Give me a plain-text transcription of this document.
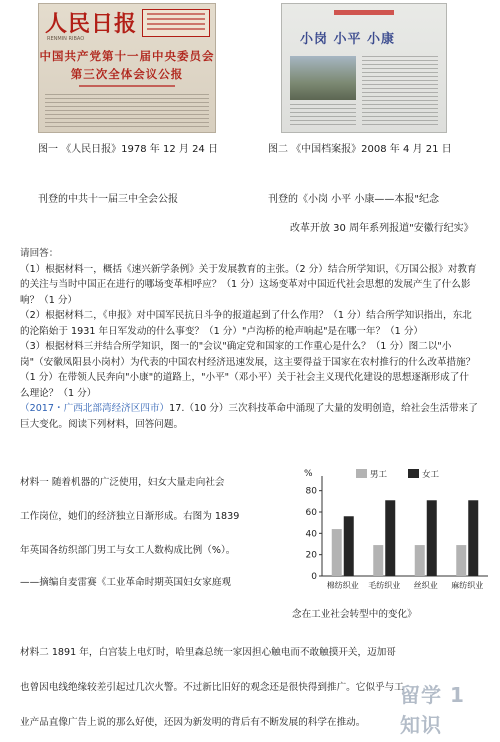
人民日报
RENMIN RIBAO
中国共产党第十一届中央委员会
第三次全体会议公报
小岗 小平 小康
图一 《人民日报》1978 年 12 月 24 日
刊登的中共十一届三中全会公报
图二 《中国档案报》2008 年 4 月 21 日
刊登的《小岗 小平 小康——本报"纪念
改革开放 30 周年系列报道"安徽行纪实》

请回答：

（1）根据材料一，概括《速兴新学条例》关于发展教育的主张。（2 分）结合所学知识，《万国公报》对教育的关注与当时中国正在进行的哪场变革相呼应？（1 分）这场变革对中国近代社会思想的发展产生了什么影响？（1 分）

（2）根据材料二，《申报》对中国军民抗日斗争的报道起到了什么作用？（1 分）结合所学知识指出，东北的沦陷始于 1931 年日军发动的什么事变？（1 分）"卢沟桥的枪声响起"是在哪一年？（1 分）

（3）根据材料三并结合所学知识，图一的"会议"确定党和国家的工作重心是什么？（1 分）图二以"小岗"（安徽凤阳县小岗村）为代表的中国农村经济迅速发展，这主要得益于国家在农村推行的什么改革措施？（1 分）在带领人民奔向"小康"的道路上，"小平"（邓小平）关于社会主义现代化建设的思想逐渐形成了什么理论？（1 分）

（2017・广西北部湾经济区四市）17.（10 分）三次科技革命中涌现了大量的发明创造，给社会生活带来了巨大变化。阅读下列材料，回答问题。

材料一 随着机器的广泛使用，妇女大量走向社会
工作岗位，她们的经济独立日渐形成。右图为 1839
年英国各纺织部门男工与女工人数构成比例（%）。
——摘编自麦雷赛《工业革命时期英国妇女家庭观
念在工业社会转型中的变化》
%
0
20
40
60
80
棉纺织业 毛纺织业 丝织业 麻纺织业
男工	女工
材料二 1891 年，白宫装上电灯时，哈里森总统一家因担心触电而不敢触摸开关，迈加哥
也曾因电线绝缘较差引起过几次火警。不过新比旧好的观念还是很快得到推广。它似乎与工
业产品直像广告上说的那么好使，还因为新发明的背后有不断发展的科学在推动。
留学 1 知识
